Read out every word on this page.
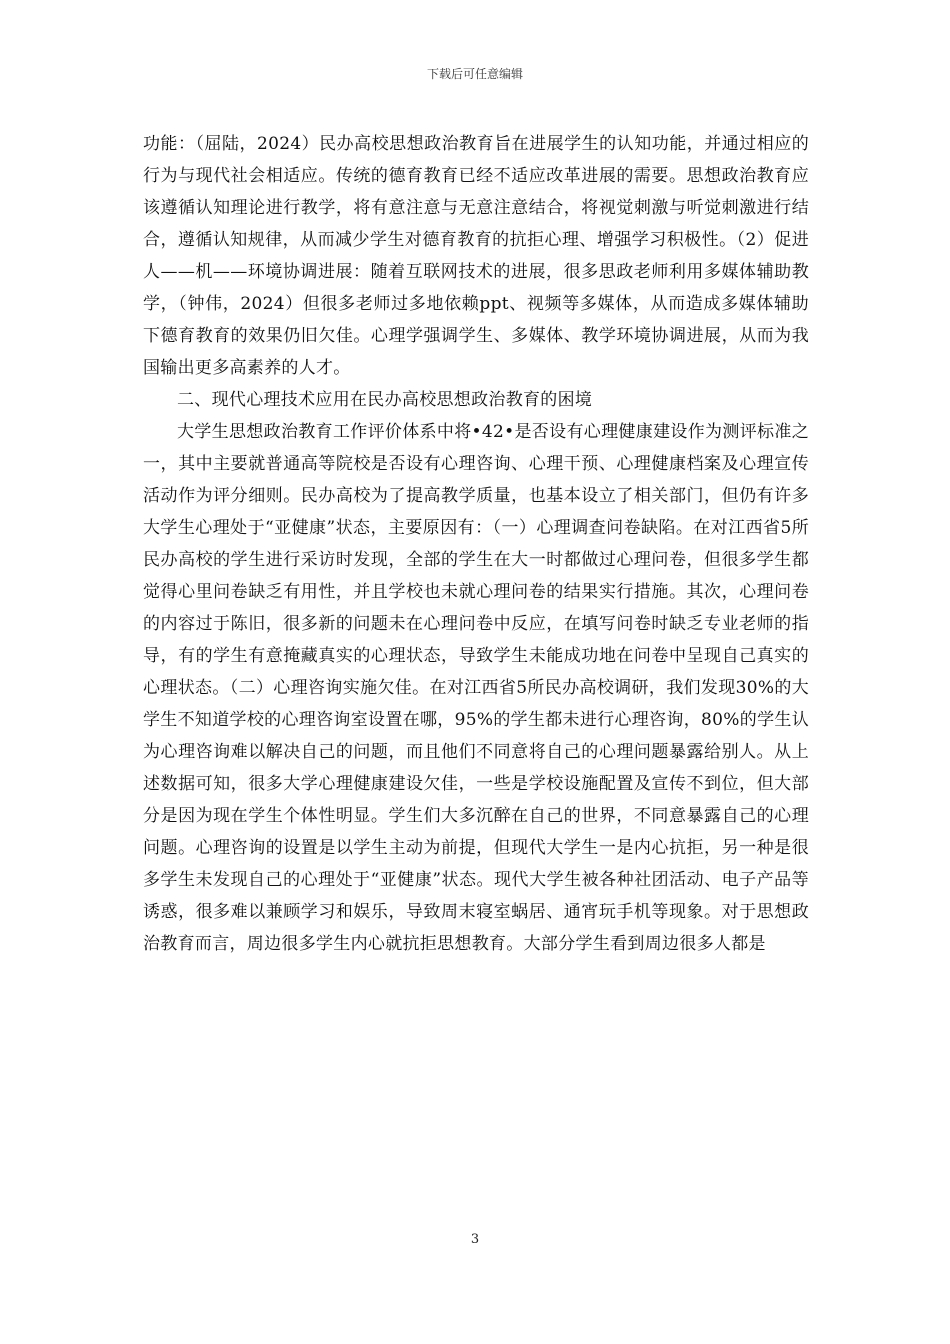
下载后可任意编辑

功能：（屈陆，2024）民办高校思想政治教育旨在进展学生的认知功能，并通过相应的行为与现代社会相适应。传统的德育教育已经不适应改革进展的需要。思想政治教育应该遵循认知理论进行教学，将有意注意与无意注意结合，将视觉刺激与听觉刺激进行结合，遵循认知规律，从而减少学生对德育教育的抗拒心理、增强学习积极性。（2）促进人——机——环境协调进展：随着互联网技术的进展，很多思政老师利用多媒体辅助教学，（钟伟，2024）但很多老师过多地依赖ppt、视频等多媒体，从而造成多媒体辅助下德育教育的效果仍旧欠佳。心理学强调学生、多媒体、教学环境协调进展，从而为我国输出更多高素养的人才。

二、现代心理技术应用在民办高校思想政治教育的困境

大学生思想政治教育工作评价体系中将•42•是否设有心理健康建设作为测评标准之一，其中主要就普通高等院校是否设有心理咨询、心理干预、心理健康档案及心理宣传活动作为评分细则。民办高校为了提高教学质量，也基本设立了相关部门，但仍有许多大学生心理处于“亚健康”状态，主要原因有：（一）心理调查问卷缺陷。在对江西省5所民办高校的学生进行采访时发现，全部的学生在大一时都做过心理问卷，但很多学生都觉得心里问卷缺乏有用性，并且学校也未就心理问卷的结果实行措施。其次，心理问卷的内容过于陈旧，很多新的问题未在心理问卷中反应，在填写问卷时缺乏专业老师的指导，有的学生有意掩藏真实的心理状态，导致学生未能成功地在问卷中呈现自己真实的心理状态。（二）心理咨询实施欠佳。在对江西省5所民办高校调研，我们发现30%的大学生不知道学校的心理咨询室设置在哪，95%的学生都未进行心理咨询，80%的学生认为心理咨询难以解决自己的问题，而且他们不同意将自己的心理问题暴露给别人。从上述数据可知，很多大学心理健康建设欠佳，一些是学校设施配置及宣传不到位，但大部分是因为现在学生个体性明显。学生们大多沉醉在自己的世界，不同意暴露自己的心理问题。心理咨询的设置是以学生主动为前提，但现代大学生一是内心抗拒，另一种是很多学生未发现自己的心理处于“亚健康”状态。现代大学生被各种社团活动、电子产品等诱惑，很多难以兼顾学习和娱乐，导致周末寝室蜗居、通宵玩手机等现象。对于思想政治教育而言，周边很多学生内心就抗拒思想教育。大部分学生看到周边很多人都是

3
